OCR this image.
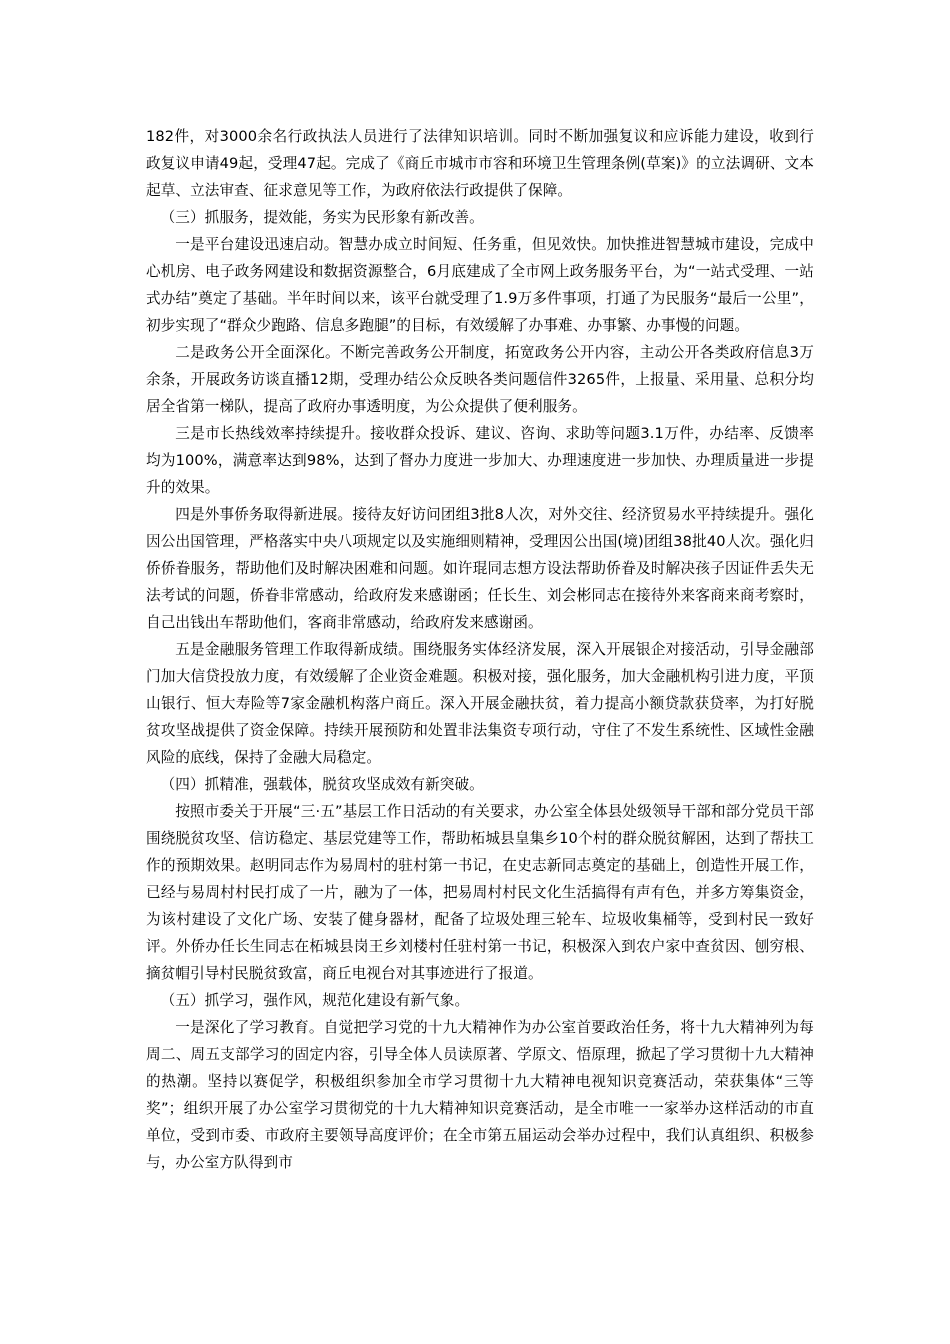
182件，对3000余名行政执法人员进行了法律知识培训。同时不断加强复议和应诉能力建设，收到行政复议申请49起，受理47起。完成了《商丘市城市市容和环境卫生管理条例(草案)》的立法调研、文本起草、立法审查、征求意见等工作，为政府依法行政提供了保障。

（三）抓服务，提效能，务实为民形象有新改善。

一是平台建设迅速启动。智慧办成立时间短、任务重，但见效快。加快推进智慧城市建设，完成中心机房、电子政务网建设和数据资源整合，6月底建成了全市网上政务服务平台，为“一站式受理、一站式办结”奠定了基础。半年时间以来，该平台就受理了1.9万多件事项，打通了为民服务“最后一公里”，初步实现了“群众少跑路、信息多跑腿”的目标，有效缓解了办事难、办事繁、办事慢的问题。

二是政务公开全面深化。不断完善政务公开制度，拓宽政务公开内容，主动公开各类政府信息3万余条，开展政务访谈直播12期，受理办结公众反映各类问题信件3265件，上报量、采用量、总积分均居全省第一梯队，提高了政府办事透明度，为公众提供了便利服务。

三是市长热线效率持续提升。接收群众投诉、建议、咨询、求助等问题3.1万件，办结率、反馈率均为100%，满意率达到98%，达到了督办力度进一步加大、办理速度进一步加快、办理质量进一步提升的效果。

四是外事侨务取得新进展。接待友好访问团组3批8人次，对外交往、经济贸易水平持续提升。强化因公出国管理，严格落实中央八项规定以及实施细则精神，受理因公出国(境)团组38批40人次。强化归侨侨眷服务，帮助他们及时解决困难和问题。如许琨同志想方设法帮助侨眷及时解决孩子因证件丢失无法考试的问题，侨眷非常感动，给政府发来感谢函；任长生、刘会彬同志在接待外来客商来商考察时，自己出钱出车帮助他们，客商非常感动，给政府发来感谢函。

五是金融服务管理工作取得新成绩。围绕服务实体经济发展，深入开展银企对接活动，引导金融部门加大信贷投放力度，有效缓解了企业资金难题。积极对接，强化服务，加大金融机构引进力度，平顶山银行、恒大寿险等7家金融机构落户商丘。深入开展金融扶贫，着力提高小额贷款获贷率，为打好脱贫攻坚战提供了资金保障。持续开展预防和处置非法集资专项行动，守住了不发生系统性、区域性金融风险的底线，保持了金融大局稳定。

（四）抓精准，强载体，脱贫攻坚成效有新突破。

按照市委关于开展“三·五”基层工作日活动的有关要求，办公室全体县处级领导干部和部分党员干部围绕脱贫攻坚、信访稳定、基层党建等工作，帮助柘城县皇集乡10个村的群众脱贫解困，达到了帮扶工作的预期效果。赵明同志作为易周村的驻村第一书记，在史志新同志奠定的基础上，创造性开展工作，已经与易周村村民打成了一片，融为了一体，把易周村村民文化生活搞得有声有色，并多方筹集资金，为该村建设了文化广场、安装了健身器材，配备了垃圾处理三轮车、垃圾收集桶等，受到村民一致好评。外侨办任长生同志在柘城县岗王乡刘楼村任驻村第一书记，积极深入到农户家中查贫因、刨穷根、摘贫帽引导村民脱贫致富，商丘电视台对其事迹进行了报道。

（五）抓学习，强作风，规范化建设有新气象。

一是深化了学习教育。自觉把学习党的十九大精神作为办公室首要政治任务，将十九大精神列为每周二、周五支部学习的固定内容，引导全体人员读原著、学原文、悟原理，掀起了学习贯彻十九大精神的热潮。坚持以赛促学，积极组织参加全市学习贯彻十九大精神电视知识竞赛活动，荣获集体“三等奖”；组织开展了办公室学习贯彻党的十九大精神知识竞赛活动，是全市唯一一家举办这样活动的市直单位，受到市委、市政府主要领导高度评价；在全市第五届运动会举办过程中，我们认真组织、积极参与，办公室方队得到市
